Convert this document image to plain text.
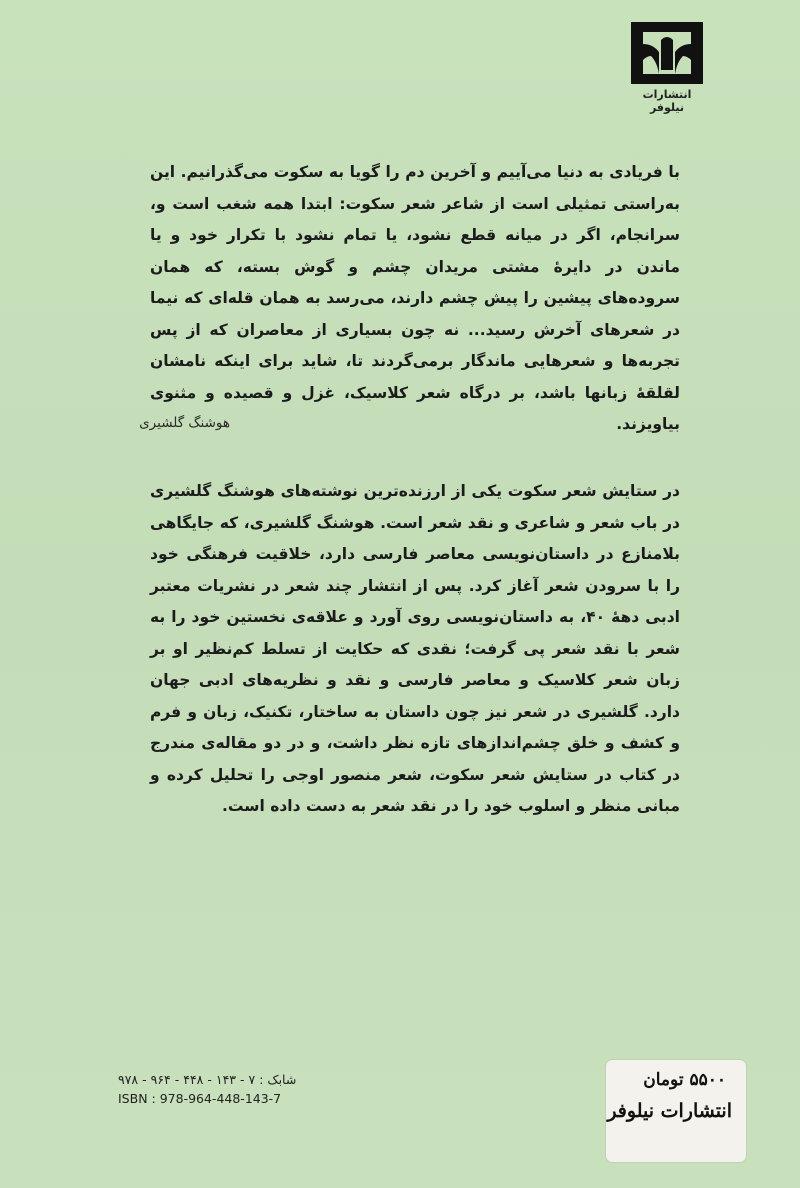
انتشارات نیلوفر

با فریادی به دنیا می‌آییم و آخرین دم را گویا به سکوت می‌گذرانیم. این به‌راستی تمثیلی است از شاعر شعر سکوت: ابتدا همه شغب است و، سرانجام، اگر در میانه قطع نشود، یا تمام نشود با تکرار خود و یا ماندن در دایرهٔ مشتی مریدان چشم و گوش بسته، که همان سروده‌های پیشین را پیش چشم دارند، می‌رسد به همان قله‌ای که نیما در شعرهای آخرش رسید... نه چون بسیاری از معاصران که از پس تجربه‌ها و شعرهایی ماندگار برمی‌گردند تا، شاید برای اینکه نامشان لقلقهٔ زبانها باشد، بر درگاه شعر کلاسیک، غزل و قصیده و مثنوی بیاویزند.

هوشنگ گلشیری

در ستایش شعر سکوت یکی از ارزنده‌ترین نوشته‌های هوشنگ گلشیری در باب شعر و شاعری و نقد شعر است. هوشنگ گلشیری، که جایگاهی بلامنازع در داستان‌نویسی معاصر فارسی دارد، خلاقیت فرهنگی خود را با سرودن شعر آغاز کرد. پس از انتشار چند شعر در نشریات معتبر ادبی دههٔ ۴۰، به داستان‌نویسی روی آورد و علاقه‌ی نخستین خود را به شعر با نقد شعر پی گرفت؛ نقدی که حکایت از تسلط کم‌نظیر او بر زبان شعر کلاسیک و معاصر فارسی و نقد و نظریه‌های ادبی جهان دارد. گلشیری در شعر نیز چون داستان به ساختار، تکنیک، زبان و فرم و کشف و خلق چشم‌اندازهای تازه نظر داشت، و در دو مقاله‌ی مندرج در کتاب در ستایش شعر سکوت، شعر منصور اوجی را تحلیل کرده و مبانی منظر و اسلوب خود را در نقد شعر به دست داده است.

شابک : ۷ - ۱۴۳ - ۴۴۸ - ۹۶۴ - ۹۷۸
ISBN : 978-964-448-143-7
۵۵۰۰ تومان
انتشارات نیلوفر
